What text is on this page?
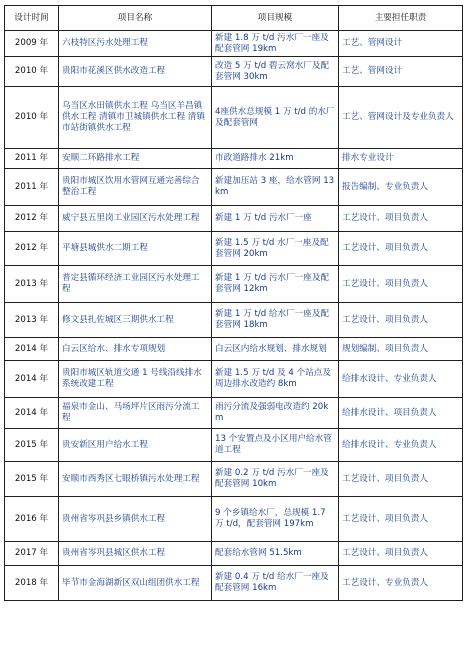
设计时间	项目名称	项目规模	主要担任职责
2009 年	六枝特区污水处理工程	新建 1.8 万 t/d 污水厂一座及配套管网 19km	工艺、管网设计
2010 年	贵阳市花溪区供水改造工程	改造 5 万 t/d 碧云窝水厂及配套管网 30km	工艺、管网设计
2010 年	乌当区水田镇供水工程 乌当区羊昌镇供水工程 清镇市卫城镇供水工程 清镇市站街镇供水工程	4座供水总规模 1 万 t/d 的水厂及配套管网	工艺、管网设计及专业负责人
2011 年	安顺二环路排水工程	市政道路排水 21km	排水专业设计
2011 年	贵阳市城区饮用水管网互通完善综合整治工程	新建加压站 3 座，给水管网 13km	报告编制、专业负责人
2012 年	威宁县五里岗工业园区污水处理工程	新建 1 万 t/d 污水厂一座	工艺设计、项目负责人
2012 年	平塘县城供水二期工程	新建 1.5 万 t/d 水厂一座及配套管网 20km	工艺设计、项目负责人
2013 年	普定县循环经济工业园区污水处理工程	新建 1 万 t/d 污水厂一座及配套管网 12km	工艺设计、项目负责人
2013 年	修文县扎佐城区三期供水工程	新建 1 万 t/d 给水厂一座及配套管网 18km	工艺设计、项目负责人
2014 年	白云区给水、排水专项规划	白云区内给水规划、排水规划	规划编制、项目负责人
2014 年	贵阳市城区轨道交通 1 号线沿线排水系统改建工程	新建 1.5 万 t/d 及 4 个站点及周边排水改造约 8km	给排水设计、专业负责人
2014 年	福泉市金山、马场坪片区雨污分流工程	雨污分流及强弱电改造约 20km	给排水设计、项目负责人
2015 年	贵安新区用户给水工程	13 个安置点及小区用户给水管道工程	给排水设计、专业负责人
2015 年	安顺市西秀区七眼桥镇污水处理工程	新建 0.2 万 t/d 污水厂一座及配套管网 10km	工艺设计、项目负责人
2016 年	贵州省岑巩县乡镇供水工程	9 个乡镇给水厂，总规模 1.7 万 t/d，配套管网 197km	工艺设计、项目负责人
2017 年	贵州省岑巩县城区供水工程	配套给水管网 51.5km	工艺设计、项目负责人
2018 年	毕节市金海湖新区双山组团供水工程	新建 0.4 万 t/d 给水厂一座及配套管网 16km	工艺设计、专业负责人
